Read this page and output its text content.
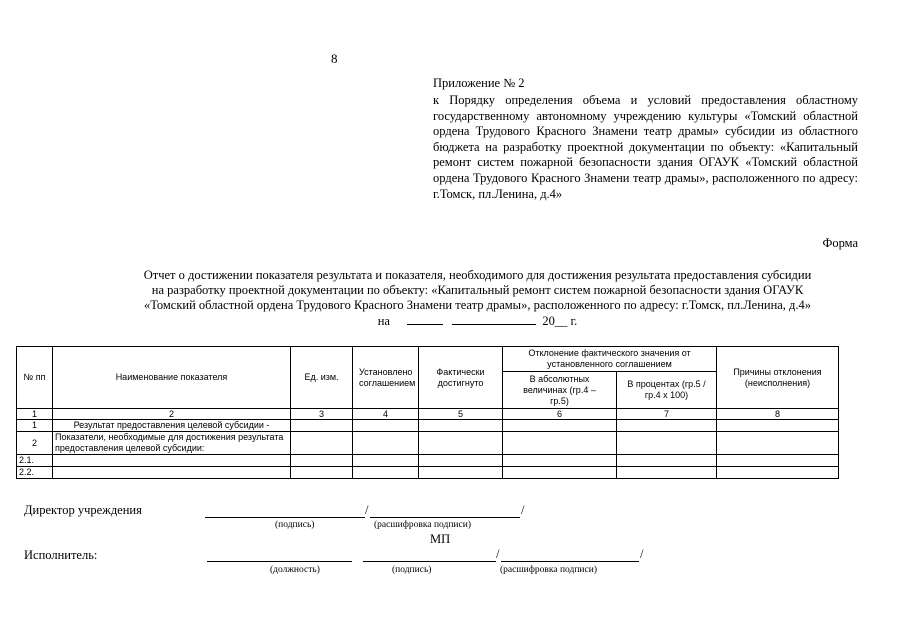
8
Приложение № 2

к Порядку определения объема и условий предоставления областному государственному автономному учреждению культуры «Томский областной ордена Трудового Красного Знамени театр драмы» субсидии из областного бюджета на разработку проектной документации по объекту: «Капитальный ремонт систем пожарной безопасности здания ОГАУК «Томский областной ордена Трудового Красного Знамени театр драмы», расположенного по адресу: г.Томск, пл.Ленина, д.4»

Форма
Отчет о достижении показателя результата и показателя, необходимого для достижения результата предоставления субсидии
на разработку проектной документации по объекту: «Капитальный ремонт систем пожарной безопасности здания ОГАУК
«Томский областной ордена Трудового Красного Знамени театр драмы», расположенного по адресу: г.Томск, пл.Ленина, д.4»
на	20__ г.
№ пп	Наименование показателя	Ед. изм.	Установлено соглашением	Фактически достигнуто	Отклонение фактического значения от установленного соглашением		Причины отклонения (неисполнения)
					В абсолютных величинах (гр.4 – гр.5)	В процентах (гр.5 / гр.4 x 100)	
1	2	3	4	5	6	7	8
1	Результат предоставления целевой субсидии -						
2	Показатели, необходимые для достижения результата предоставления целевой субсидии:						
2.1.							
2.2.							
Директор учреждения	/	/
(подпись)	(расшифровка подписи)
МП
Исполнитель:	/	/
(должность)	(подпись)	(расшифровка подписи)
